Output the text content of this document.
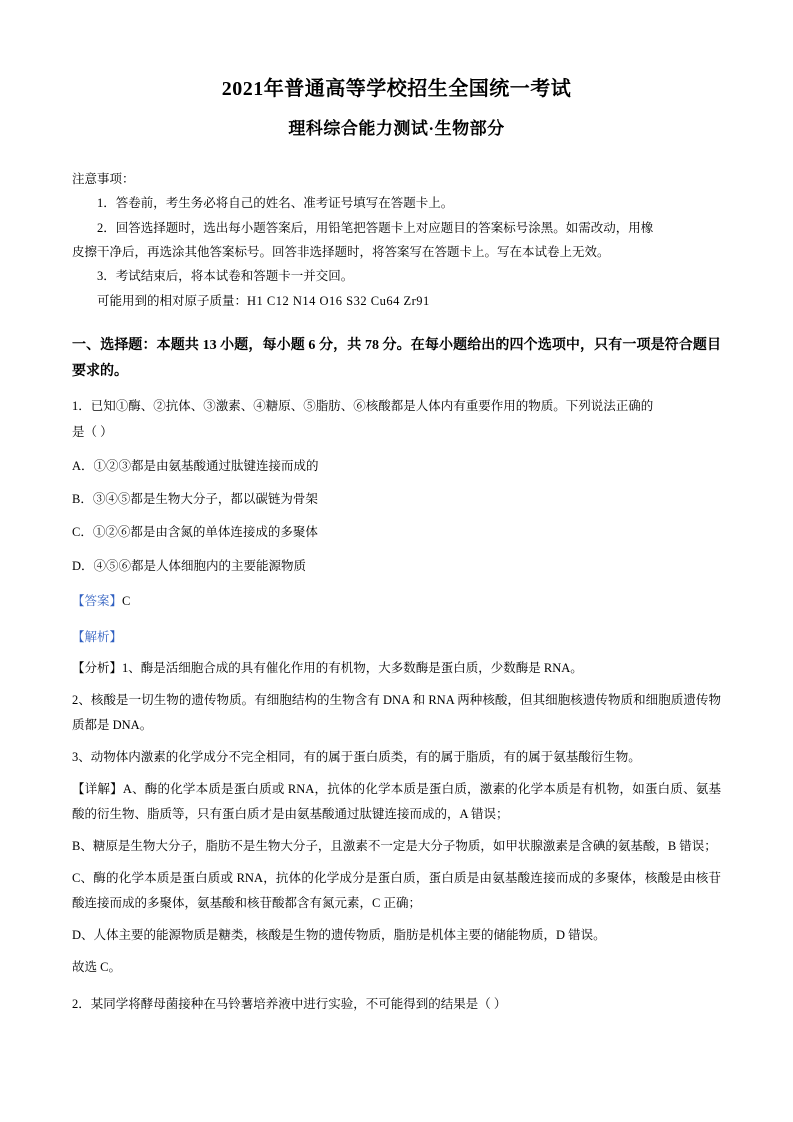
2021年普通高等学校招生全国统一考试
理科综合能力测试·生物部分
注意事项：
1．答卷前，考生务必将自己的姓名、准考证号填写在答题卡上。
2．回答选择题时，选出每小题答案后，用铅笔把答题卡上对应题目的答案标号涂黑。如需改动，用橡
皮擦干净后，再选涂其他答案标号。回答非选择题时，将答案写在答题卡上。写在本试卷上无效。
3．考试结束后，将本试卷和答题卡一并交回。
可能用到的相对原子质量：H1 C12 N14 O16 S32 Cu64 Zr91
一、选择题：本题共 13 小题，每小题 6 分，共 78 分。在每小题给出的四个选项中，只有一项是符合题目要求的。
1．已知①酶、②抗体、③激素、④糖原、⑤脂肪、⑥核酸都是人体内有重要作用的物质。下列说法正确的
是（ ）
A．①②③都是由氨基酸通过肽键连接而成的
B．③④⑤都是生物大分子，都以碳链为骨架
C．①②⑥都是由含氮的单体连接成的多聚体
D．④⑤⑥都是人体细胞内的主要能源物质
【答案】C
【解析】
【分析】1、酶是活细胞合成的具有催化作用的有机物，大多数酶是蛋白质，少数酶是 RNA。
2、核酸是一切生物的遗传物质。有细胞结构的生物含有 DNA 和 RNA 两种核酸，但其细胞核遗传物质和细胞质遗传物质都是 DNA。
3、动物体内激素的化学成分不完全相同，有的属于蛋白质类，有的属于脂质，有的属于氨基酸衍生物。
【详解】A、酶的化学本质是蛋白质或 RNA，抗体的化学本质是蛋白质，激素的化学本质是有机物，如蛋白质、氨基酸的衍生物、脂质等，只有蛋白质才是由氨基酸通过肽键连接而成的，A 错误；
B、糖原是生物大分子，脂肪不是生物大分子，且激素不一定是大分子物质，如甲状腺激素是含碘的氨基酸，B 错误；
C、酶的化学本质是蛋白质或 RNA，抗体的化学成分是蛋白质，蛋白质是由氨基酸连接而成的多聚体，核酸是由核苷酸连接而成的多聚体，氨基酸和核苷酸都含有氮元素，C 正确；
D、人体主要的能源物质是糖类，核酸是生物的遗传物质，脂肪是机体主要的储能物质，D 错误。
故选 C。
2．某同学将酵母菌接种在马铃薯培养液中进行实验，不可能得到的结果是（ ）
